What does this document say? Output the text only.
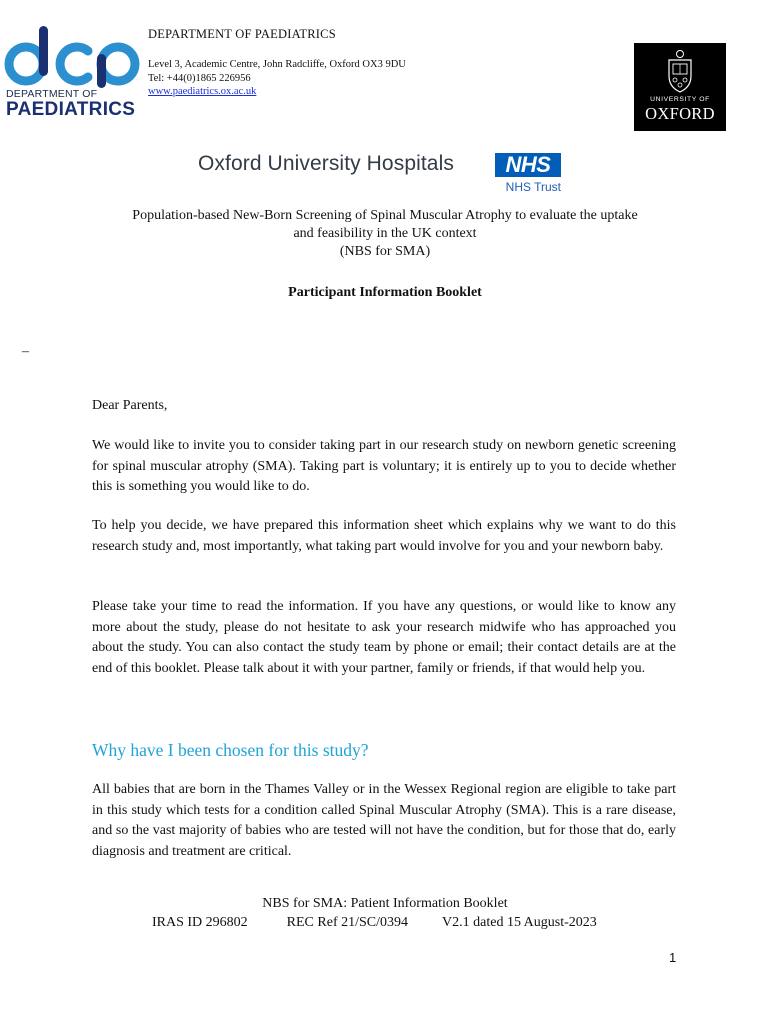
DEPARTMENT OF
PAEDIATRICS
DEPARTMENT OF PAEDIATRICS
Level 3, Academic Centre, John Radcliffe, Oxford OX3 9DU
Tel: +44(0)1865 226956
www.paediatrics.ox.ac.uk
UNIVERSITY OF
OXFORD
Oxford University Hospitals	NHS
NHS Trust
Population-based New-Born Screening of Spinal Muscular Atrophy to evaluate the uptake
and feasibility in the UK context
(NBS for SMA)
Participant Information Booklet
–
Dear Parents,
We would like to invite you to consider taking part in our research study on newborn genetic screening for spinal muscular atrophy (SMA). Taking part is voluntary; it is entirely up to you to decide whether this is something you would like to do.
To help you decide, we have prepared this information sheet which explains why we want to do this research study and, most importantly, what taking part would involve for you and your newborn baby.
Please take your time to read the information. If you have any questions, or would like to know any more about the study, please do not hesitate to ask your research midwife who has approached you about the study. You can also contact the study team by phone or email; their contact details are at the end of this booklet. Please talk about it with your partner, family or friends, if that would help you.
Why have I been chosen for this study?
All babies that are born in the Thames Valley or in the Wessex Regional region are eligible to take part in this study which tests for a condition called Spinal Muscular Atrophy (SMA). This is a rare disease, and so the vast majority of babies who are tested will not have the condition, but for those that do, early diagnosis and treatment are critical.
NBS for SMA: Patient Information Booklet
IRAS ID 296802	REC Ref 21/SC/0394 V2.1 dated 15 August-2023
1
